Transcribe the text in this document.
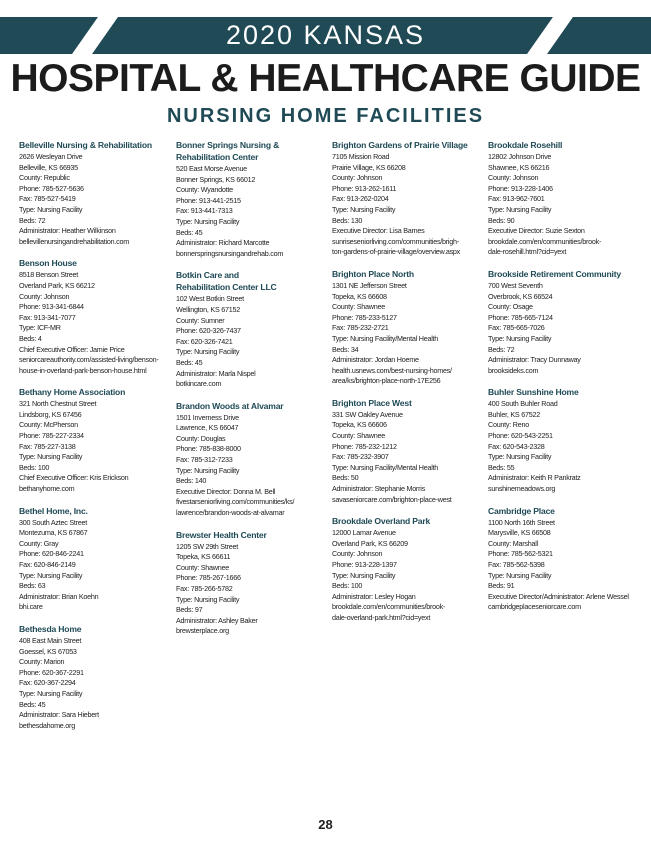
2020 KANSAS
HOSPITAL & HEALTHCARE GUIDE
NURSING HOME FACILITIES
Belleville Nursing & Rehabilitation
2626 Wesleyan Drive
Belleville, KS 66935
County: Republic
Phone: 785-527-5636
Fax: 785-527-5419
Type: Nursing Facility
Beds: 72
Administrator: Heather Wilkinson
bellevillenursingandrehabilitation.com
Benson House
8518 Benson Street
Overland Park, KS 66212
County: Johnson
Phone: 913-341-6844
Fax: 913-341-7077
Type: ICF-MR
Beds: 4
Chief Executive Officer: Jamie Price
seniorcareauthority.com/assisted-living/benson-
house-in-overland-park-benson-house.html
Bethany Home Association
321 North Chestnut Street
Lindsborg, KS 67456
County: McPherson
Phone: 785-227-2334
Fax: 785-227-3138
Type: Nursing Facility
Beds: 100
Chief Executive Officer: Kris Erickson
bethanyhome.com
Bethel Home, Inc.
300 South Aztec Street
Montezuma, KS 67867
County: Gray
Phone: 620-846-2241
Fax: 620-846-2149
Type: Nursing Facility
Beds: 63
Administrator: Brian Koehn
bhi.care
Bethesda Home
408 East Main Street
Goessel, KS 67053
County: Marion
Phone: 620-367-2291
Fax: 620-367-2294
Type: Nursing Facility
Beds: 45
Administrator: Sara Hiebert
bethesdahome.org
Bonner Springs Nursing &
Rehabilitation Center
520 East Morse Avenue
Bonner Springs, KS 66012
County: Wyandotte
Phone: 913-441-2515
Fax: 913-441-7313
Type: Nursing Facility
Beds: 45
Administrator: Richard Marcotte
bonnerspringsnursingandrehab.com
Botkin Care and
Rehabilitation Center LLC
102 West Botkin Street
Wellington, KS 67152
County: Sumner
Phone: 620-326-7437
Fax: 620-326-7421
Type: Nursing Facility
Beds: 45
Administrator: Marla Nispel
botkincare.com
Brandon Woods at Alvamar
1501 Inverness Drive
Lawrence, KS 66047
County: Douglas
Phone: 785-838-8000
Fax: 785-312-7233
Type: Nursing Facility
Beds: 140
Executive Director: Donna M. Bell
fivestarseniorliving.com/communities/ks/
lawrence/brandon-woods-at-alvamar
Brewster Health Center
1205 SW 29th Street
Topeka, KS 66611
County: Shawnee
Phone: 785-267-1666
Fax: 785-266-5782
Type: Nursing Facility
Beds: 97
Administrator: Ashley Baker
brewsterplace.org
Brighton Gardens of Prairie Village
7105 Mission Road
Prairie Village, KS 66208
County: Johnson
Phone: 913-262-1611
Fax: 913-262-0204
Type: Nursing Facility
Beds: 130
Executive Director: Lisa Barnes
sunriseseniorliving.com/communities/brigh-
ton-gardens-of-prairie-village/overview.aspx
Brighton Place North
1301 NE Jefferson Street
Topeka, KS 66608
County: Shawnee
Phone: 785-233-5127
Fax: 785-232-2721
Type: Nursing Facility/Mental Health
Beds: 34
Administrator: Jordan Hoeme
health.usnews.com/best-nursing-homes/
area/ks/brighton-place-north-17E256
Brighton Place West
331 SW Oakley Avenue
Topeka, KS 66606
County: Shawnee
Phone: 785-232-1212
Fax: 785-232-3907
Type: Nursing Facility/Mental Health
Beds: 50
Administrator: Stephanie Morris
savaseniorcare.com/brighton-place-west
Brookdale Overland Park
12000 Lamar Avenue
Overland Park, KS 66209
County: Johnson
Phone: 913-228-1397
Type: Nursing Facility
Beds: 100
Administrator: Lesley Hogan
brookdale.com/en/communities/brook-
dale-overland-park.html?cid=yext
Brookdale Rosehill
12802 Johnson Drive
Shawnee, KS 66216
County: Johnson
Phone: 913-228-1406
Fax: 913-962-7601
Type: Nursing Facility
Beds: 90
Executive Director: Suzie Sexton
brookdale.com/en/communities/brook-
dale-rosehill.html?cid=yext
Brookside Retirement Community
700 West Seventh
Overbrook, KS 66524
County: Osage
Phone: 785-665-7124
Fax: 785-665-7026
Type: Nursing Facility
Beds: 72
Administrator: Tracy Dunnaway
brooksideks.com
Buhler Sunshine Home
400 South Buhler Road
Buhler, KS 67522
County: Reno
Phone: 620-543-2251
Fax: 620-543-2328
Type: Nursing Facility
Beds: 55
Administrator: Keith R Pankratz
sunshinemeadows.org
Cambridge Place
1100 North 16th Street
Marysville, KS 66508
County: Marshall
Phone: 785-562-5321
Fax: 785-562-5398
Type: Nursing Facility
Beds: 91
Executive Director/Administrator: Arlene Wessel
cambridgeplaceseniorcare.com
28
